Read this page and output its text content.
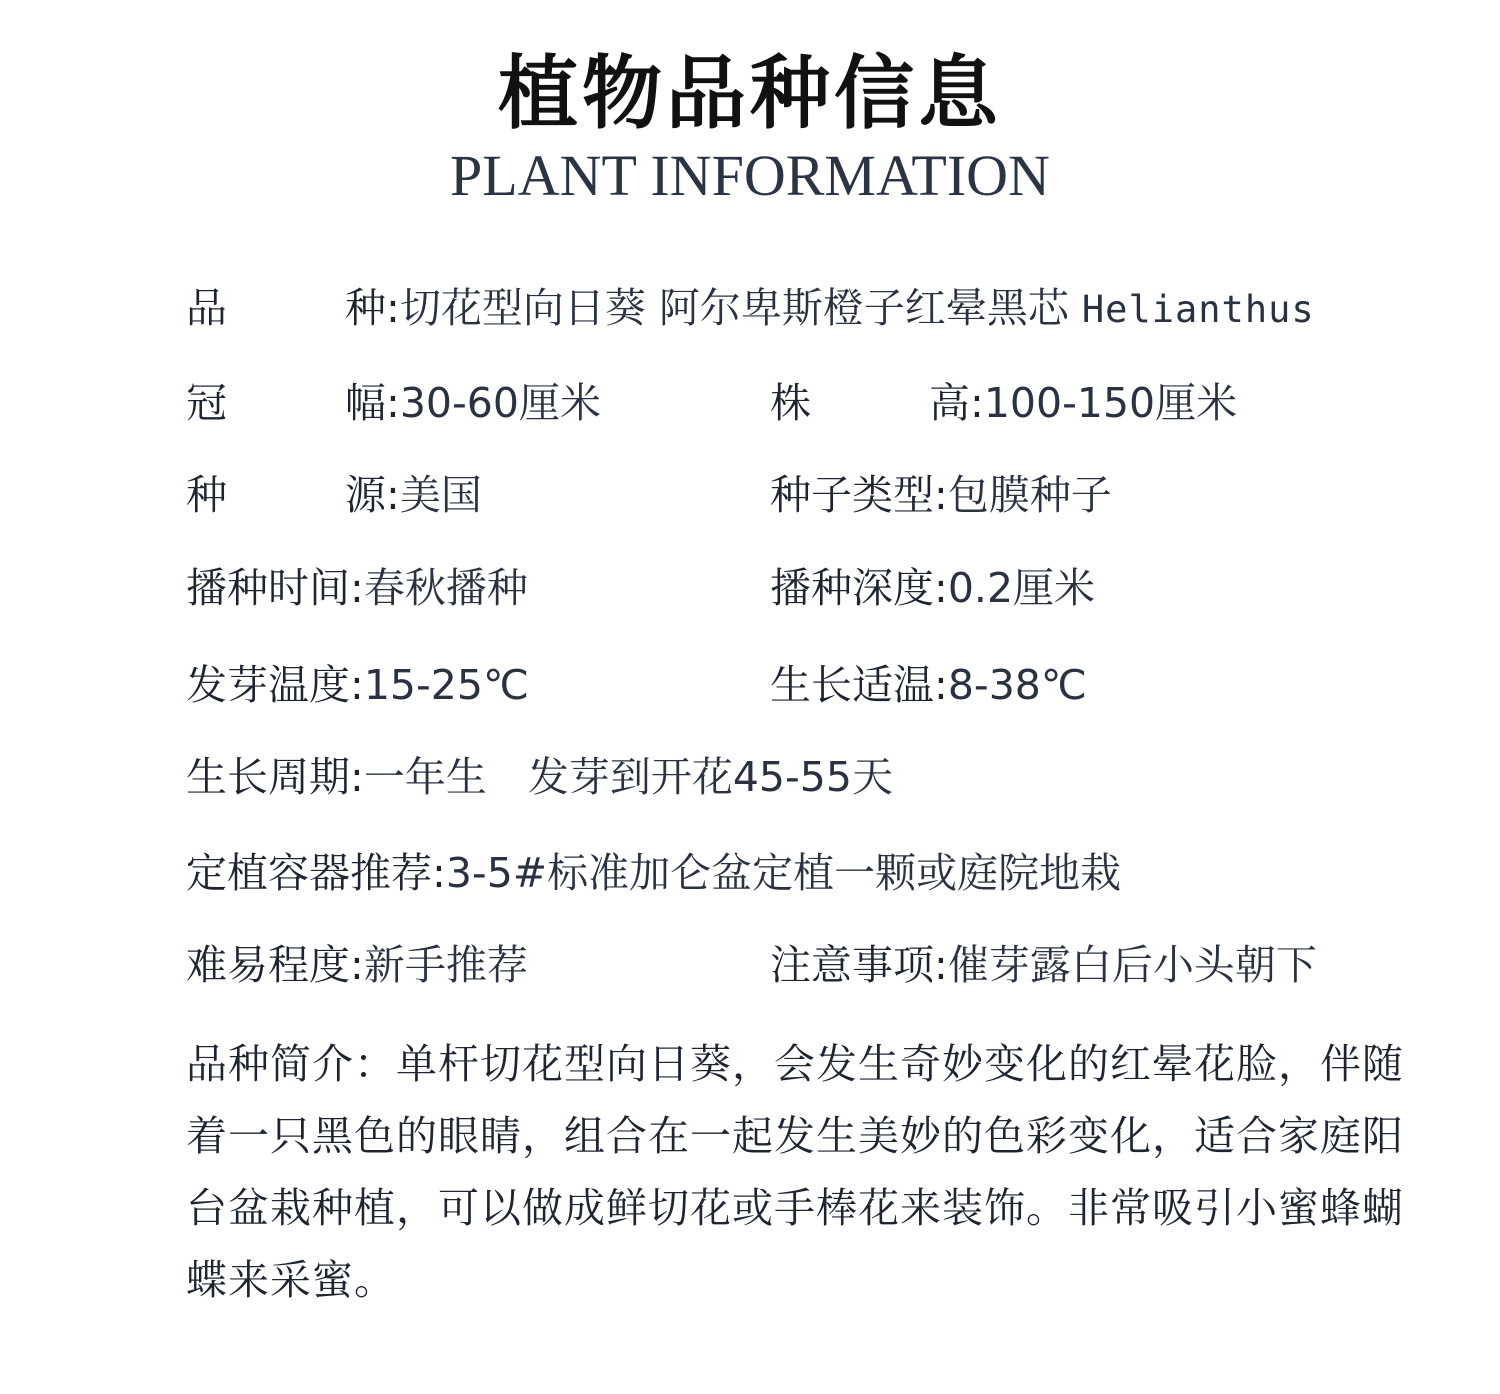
植物品种信息
PLANT INFORMATION
品	种 :切花型向日葵 阿尔卑斯橙子红晕黑芯 Helianthus
冠	幅 :30-60厘米	株	高 :100-150厘米
种	源 :美国	种子类型:包膜种子
播种时间:春秋播种	播种深度:0.2厘米
发芽温度:15-25℃	生长适温:8-38℃
生长周期:一年生　发芽到开花45-55天
定植容器推荐:3-5#标准加仑盆定植一颗或庭院地栽
难易程度:新手推荐	注意事项:催芽露白后小头朝下
品种简介：单杆切花型向日葵，会发生奇妙变化的红晕花脸，伴随着一只黑色的眼睛，组合在一起发生美妙的色彩变化，适合家庭阳台盆栽种植，可以做成鲜切花或手棒花来装饰。非常吸引小蜜蜂蝴蝶来采蜜。
